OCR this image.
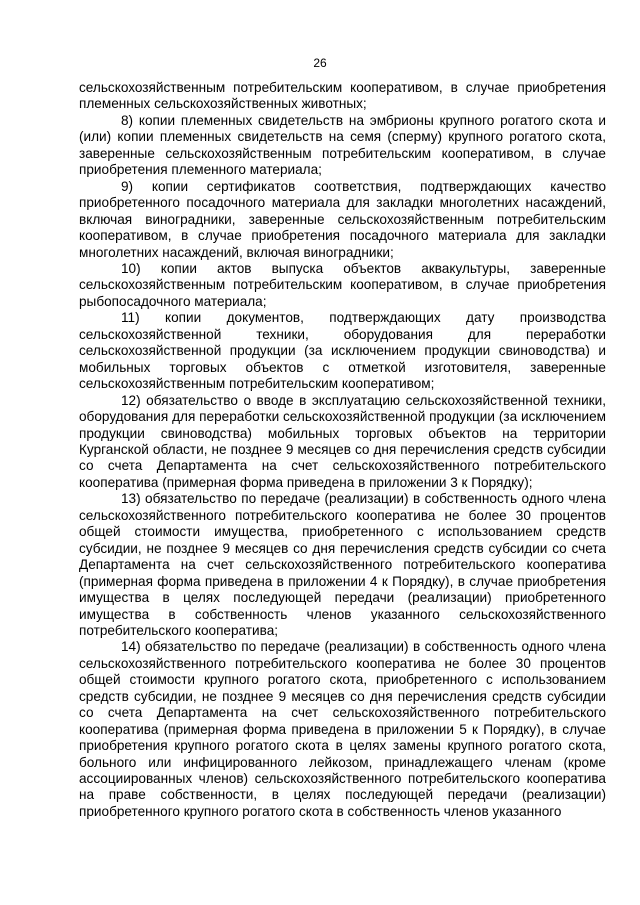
26

сельскохозяйственным потребительским кооперативом, в случае приобретения племенных сельскохозяйственных животных;

8) копии племенных свидетельств на эмбрионы крупного рогатого скота и (или) копии племенных свидетельств на семя (сперму) крупного рогатого скота, заверенные сельскохозяйственным потребительским кооперативом, в случае приобретения племенного материала;

9) копии сертификатов соответствия, подтверждающих качество приобретенного посадочного материала для закладки многолетних насаждений, включая виноградники, заверенные сельскохозяйственным потребительским кооперативом, в случае приобретения посадочного материала для закладки многолетних насаждений, включая виноградники;

10) копии актов выпуска объектов аквакультуры, заверенные сельскохозяйственным потребительским кооперативом, в случае приобретения рыбопосадочного материала;

11) копии документов, подтверждающих дату производства сельскохозяйственной техники, оборудования для переработки сельскохозяйственной продукции (за исключением продукции свиноводства) и мобильных торговых объектов с отметкой изготовителя, заверенные сельскохозяйственным потребительским кооперативом;

12) обязательство о вводе в эксплуатацию сельскохозяйственной техники, оборудования для переработки сельскохозяйственной продукции (за исключением продукции свиноводства) мобильных торговых объектов на территории Курганской области, не позднее 9 месяцев со дня перечисления средств субсидии со счета Департамента на счет сельскохозяйственного потребительского кооператива (примерная форма приведена в приложении 3 к Порядку);

13) обязательство по передаче (реализации) в собственность одного члена сельскохозяйственного потребительского кооператива не более 30 процентов общей стоимости имущества, приобретенного с использованием средств субсидии, не позднее 9 месяцев со дня перечисления средств субсидии со счета Департамента на счет сельскохозяйственного потребительского кооператива (примерная форма приведена в приложении 4 к Порядку), в случае приобретения имущества в целях последующей передачи (реализации) приобретенного имущества в собственность членов указанного сельскохозяйственного потребительского кооператива;

14) обязательство по передаче (реализации) в собственность одного члена сельскохозяйственного потребительского кооператива не более 30 процентов общей стоимости крупного рогатого скота, приобретенного с использованием средств субсидии, не позднее 9 месяцев со дня перечисления средств субсидии со счета Департамента на счет сельскохозяйственного потребительского кооператива (примерная форма приведена в приложении 5 к Порядку), в случае приобретения крупного рогатого скота в целях замены крупного рогатого скота, больного или инфицированного лейкозом, принадлежащего членам (кроме ассоциированных членов) сельскохозяйственного потребительского кооператива на праве собственности, в целях последующей передачи (реализации) приобретенного крупного рогатого скота в собственность членов указанного
